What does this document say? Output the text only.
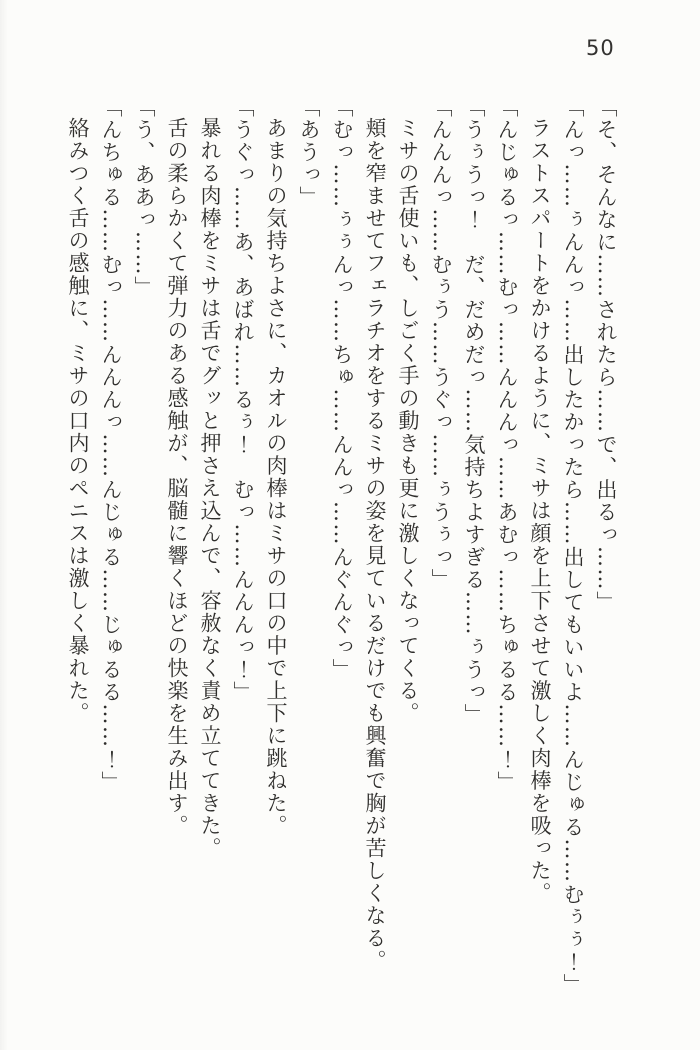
50

「そ、そんなに……されたら……で、出るっ……」

「んっ……ぅんんっ……出したかったら……出してもいいよ……んじゅる……むぅぅ！」

ラストスパートをかけるように、ミサは顔を上下させて激しく肉棒を吸った。

「んじゅるっ……むっ……んんんっ……あむっ……ちゅるる……！」

「うぅうっ！　だ、だめだっ……気持ちよすぎる……ぅうっ」

「んんんっ……むぅう……うぐっ……ぅうぅっ」

ミサの舌使いも、しごく手の動きも更に激しくなってくる。

頬を窄ませてフェラチオをするミサの姿を見ているだけでも興奮で胸が苦しくなる。

「むっ……ぅぅんっ……ちゅ……んんっ……んぐんぐっ」

「あうっ」

あまりの気持ちよさに、カオルの肉棒はミサの口の中で上下に跳ねた。

「うぐっ……あ、あばれ……るぅ！　むっ……んんんっ！」

暴れる肉棒をミサは舌でグッと押さえ込んで、容赦なく責め立ててきた。

舌の柔らかくて弾力のある感触が、脳髄に響くほどの快楽を生み出す。

「う、ああっ……」

「んちゅる……むっ……んんんっ……んじゅる……じゅるる……！」

絡みつく舌の感触に、ミサの口内のペニスは激しく暴れた。
